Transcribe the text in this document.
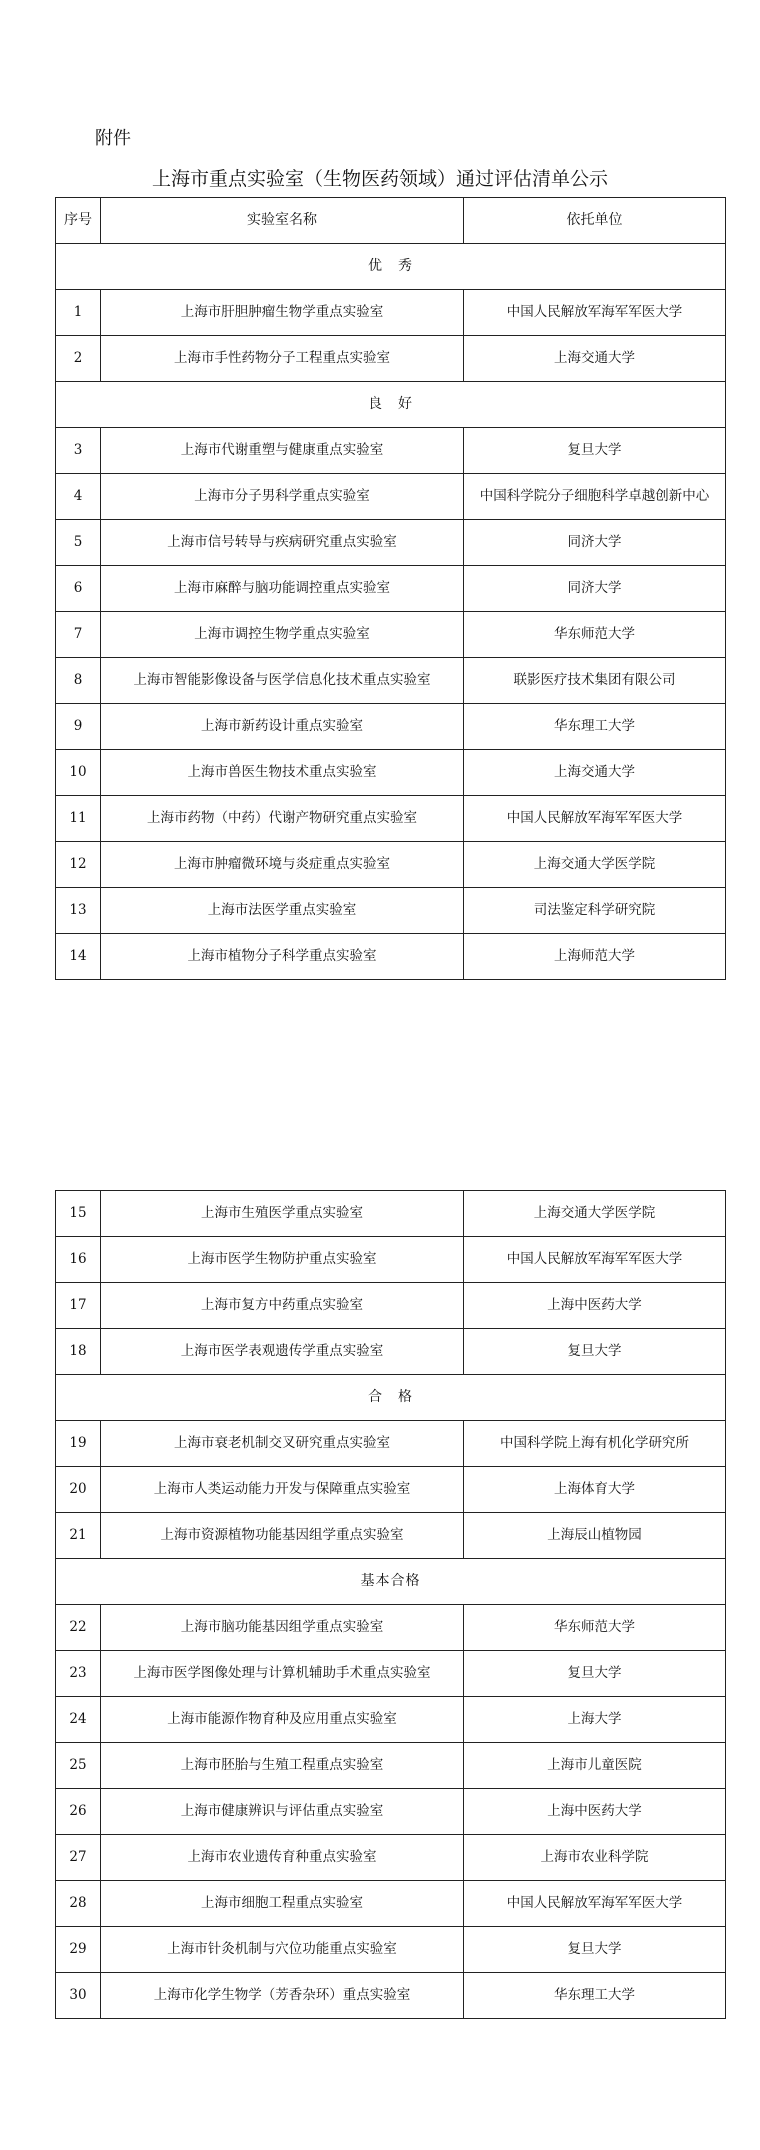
附件
上海市重点实验室（生物医药领域）通过评估清单公示
序号	实验室名称	依托单位
优　秀		
1	上海市肝胆肿瘤生物学重点实验室	中国人民解放军海军军医大学
2	上海市手性药物分子工程重点实验室	上海交通大学
良　好		
3	上海市代谢重塑与健康重点实验室	复旦大学
4	上海市分子男科学重点实验室	中国科学院分子细胞科学卓越创新中心
5	上海市信号转导与疾病研究重点实验室	同济大学
6	上海市麻醉与脑功能调控重点实验室	同济大学
7	上海市调控生物学重点实验室	华东师范大学
8	上海市智能影像设备与医学信息化技术重点实验室	联影医疗技术集团有限公司
9	上海市新药设计重点实验室	华东理工大学
10	上海市兽医生物技术重点实验室	上海交通大学
11	上海市药物（中药）代谢产物研究重点实验室	中国人民解放军海军军医大学
12	上海市肿瘤微环境与炎症重点实验室	上海交通大学医学院
13	上海市法医学重点实验室	司法鉴定科学研究院
14	上海市植物分子科学重点实验室	上海师范大学
15	上海市生殖医学重点实验室	上海交通大学医学院
16	上海市医学生物防护重点实验室	中国人民解放军海军军医大学
17	上海市复方中药重点实验室	上海中医药大学
18	上海市医学表观遗传学重点实验室	复旦大学
合　格		
19	上海市衰老机制交叉研究重点实验室	中国科学院上海有机化学研究所
20	上海市人类运动能力开发与保障重点实验室	上海体育大学
21	上海市资源植物功能基因组学重点实验室	上海辰山植物园
基本合格		
22	上海市脑功能基因组学重点实验室	华东师范大学
23	上海市医学图像处理与计算机辅助手术重点实验室	复旦大学
24	上海市能源作物育种及应用重点实验室	上海大学
25	上海市胚胎与生殖工程重点实验室	上海市儿童医院
26	上海市健康辨识与评估重点实验室	上海中医药大学
27	上海市农业遗传育种重点实验室	上海市农业科学院
28	上海市细胞工程重点实验室	中国人民解放军海军军医大学
29	上海市针灸机制与穴位功能重点实验室	复旦大学
30	上海市化学生物学（芳香杂环）重点实验室	华东理工大学
